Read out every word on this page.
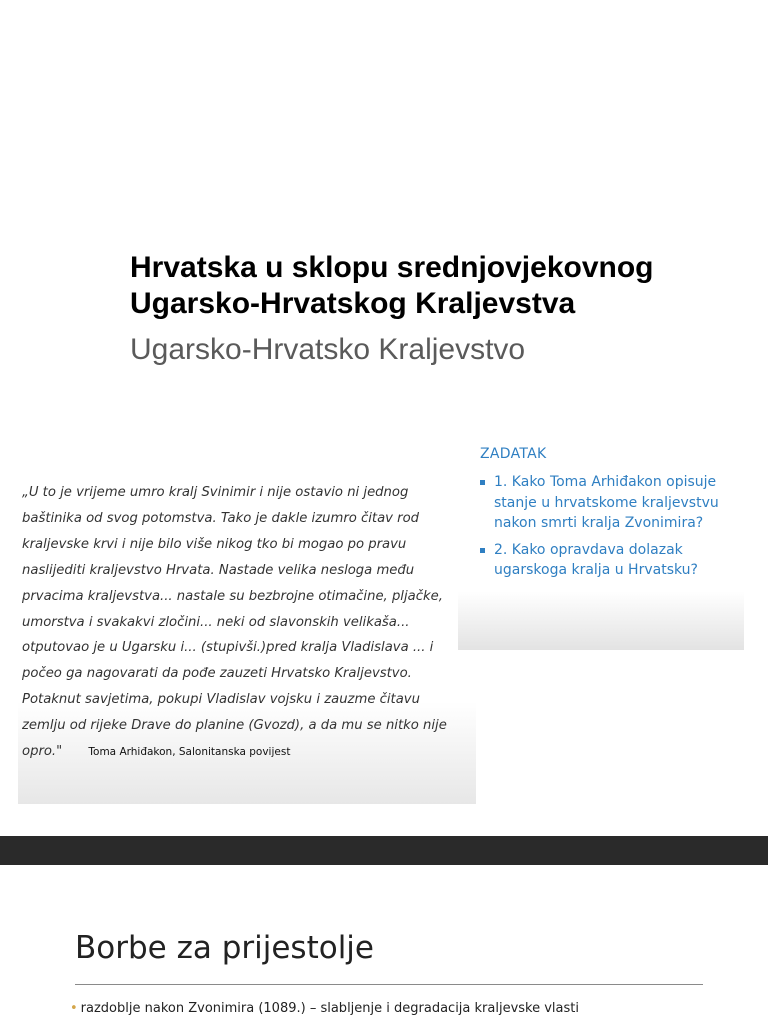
Hrvatska u sklopu srednjovjekovnog
Ugarsko-Hrvatskog Kraljevstva

Ugarsko-Hrvatsko Kraljevstvo

„U to je vrijeme umro kralj Svinimir i nije ostavio ni jednog
baštinika od svog potomstva. Tako je dakle izumro čitav rod
kraljevske krvi i nije bilo više nikog tko bi mogao po pravu
naslijediti kraljevstvo Hrvata. Nastade velika nesloga među
prvacima kraljevstva... nastale su bezbrojne otimačine, pljačke,
umorstva i svakakvi zločini... neki od slavonskih velikaša...
otputovao je u Ugarsku i... (stupivši.)pred kralja Vladislava ... i
počeo ga nagovarati da pođe zauzeti Hrvatsko Kraljevstvo.
Potaknut savjetima, pokupi Vladislav vojsku i zauzme čitavu
zemlju od rijeke Drave do planine (Gvozd), a da mu se nitko nije
opro." Toma Arhiđakon, Salonitanska povijest

ZADATAK

1. Kako Toma Arhiđakon opisuje stanje u hrvatskome kraljevstvu nakon smrti kralja Zvonimira?
2. Kako opravdava dolazak ugarskoga kralja u Hrvatsku?
Borbe za prijestolje

• razdoblje nakon Zvonimira (1089.) – slabljenje i degradacija kraljevske vlasti
